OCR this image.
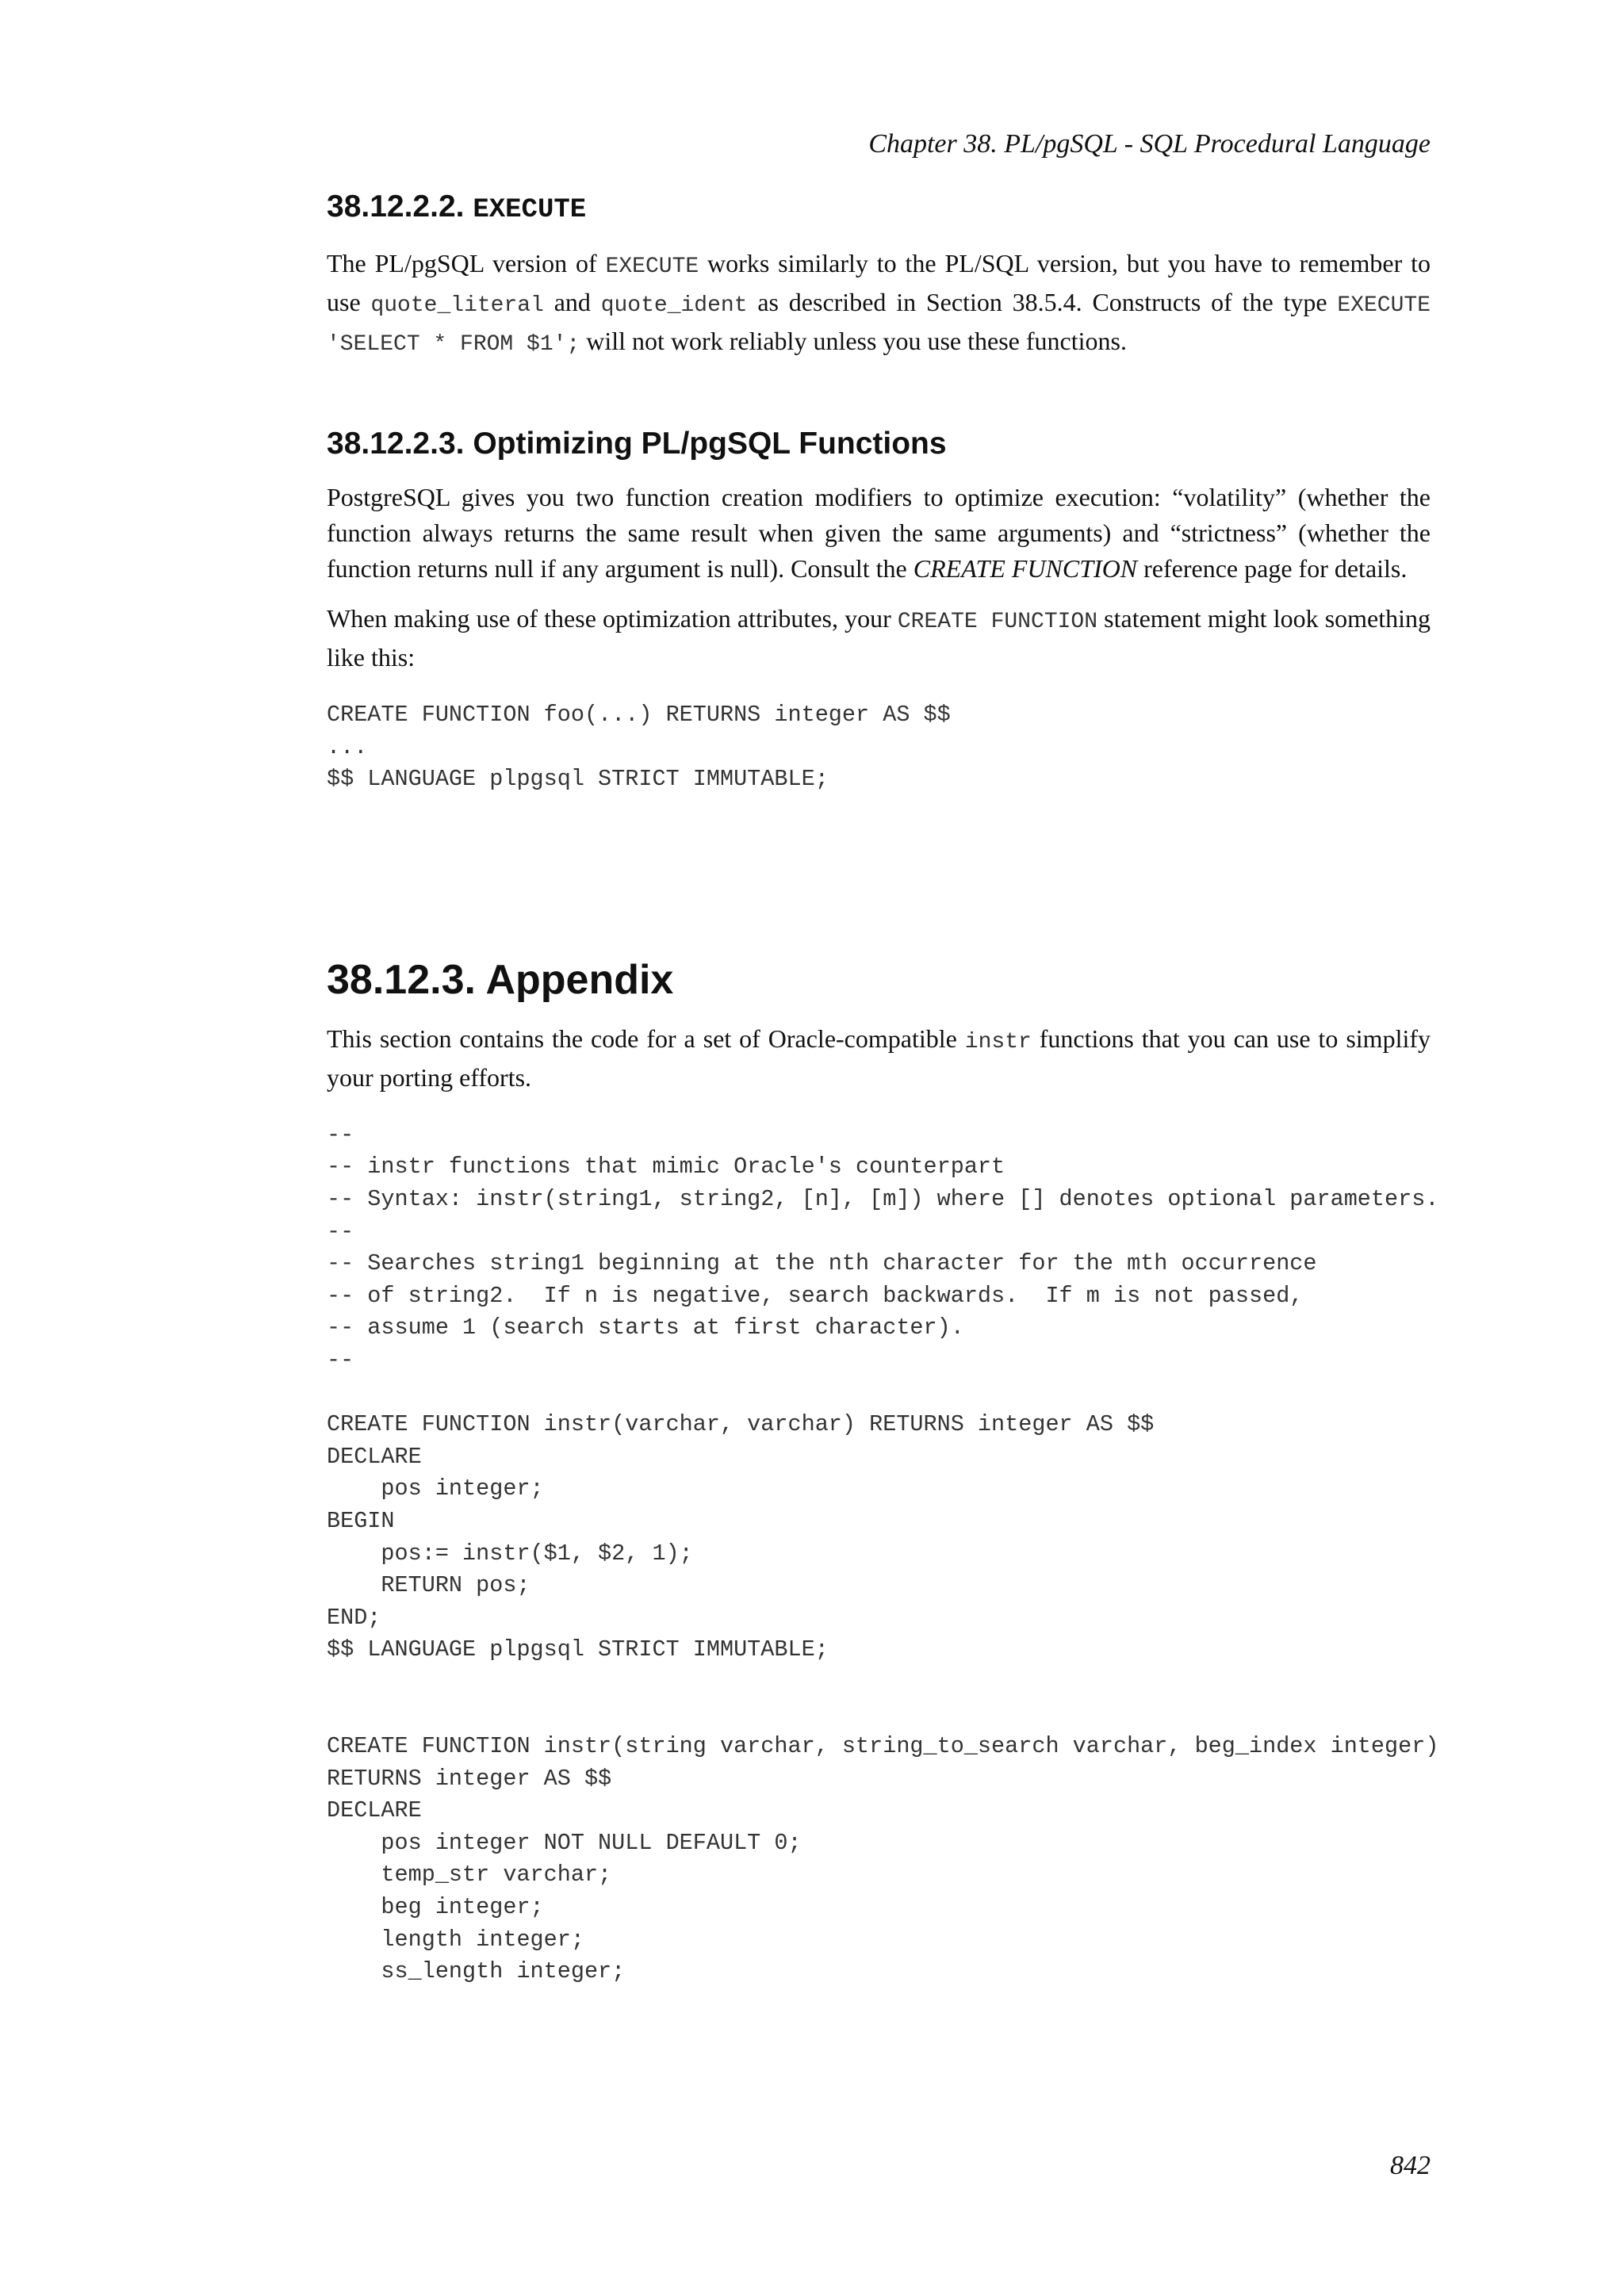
Chapter 38. PL/pgSQL - SQL Procedural Language
38.12.2.2. EXECUTE

The PL/pgSQL version of EXECUTE works similarly to the PL/SQL version, but you have to remember to use quote_literal and quote_ident as described in Section 38.5.4. Constructs of the type EXECUTE 'SELECT * FROM $1'; will not work reliably unless you use these functions.

38.12.2.3. Optimizing PL/pgSQL Functions

PostgreSQL gives you two function creation modifiers to optimize execution: “volatility” (whether the function always returns the same result when given the same arguments) and “strictness” (whether the function returns null if any argument is null). Consult the CREATE FUNCTION reference page for details.

When making use of these optimization attributes, your CREATE FUNCTION statement might look something like this:

CREATE FUNCTION foo(...) RETURNS integer AS $$
...
$$ LANGUAGE plpgsql STRICT IMMUTABLE;
38.12.3. Appendix

This section contains the code for a set of Oracle-compatible instr functions that you can use to simplify your porting efforts.

--
-- instr functions that mimic Oracle's counterpart
-- Syntax: instr(string1, string2, [n], [m]) where [] denotes optional parameters.
--
-- Searches string1 beginning at the nth character for the mth occurrence
-- of string2.  If n is negative, search backwards.  If m is not passed,
-- assume 1 (search starts at first character).
--

CREATE FUNCTION instr(varchar, varchar) RETURNS integer AS $$
DECLARE
pos integer;
BEGIN
pos:= instr($1, $2, 1);
RETURN pos;
END;
$$ LANGUAGE plpgsql STRICT IMMUTABLE;

CREATE FUNCTION instr(string varchar, string_to_search varchar, beg_index integer)
RETURNS integer AS $$
DECLARE
pos integer NOT NULL DEFAULT 0;
temp_str varchar;
beg integer;
length integer;
ss_length integer;
842
